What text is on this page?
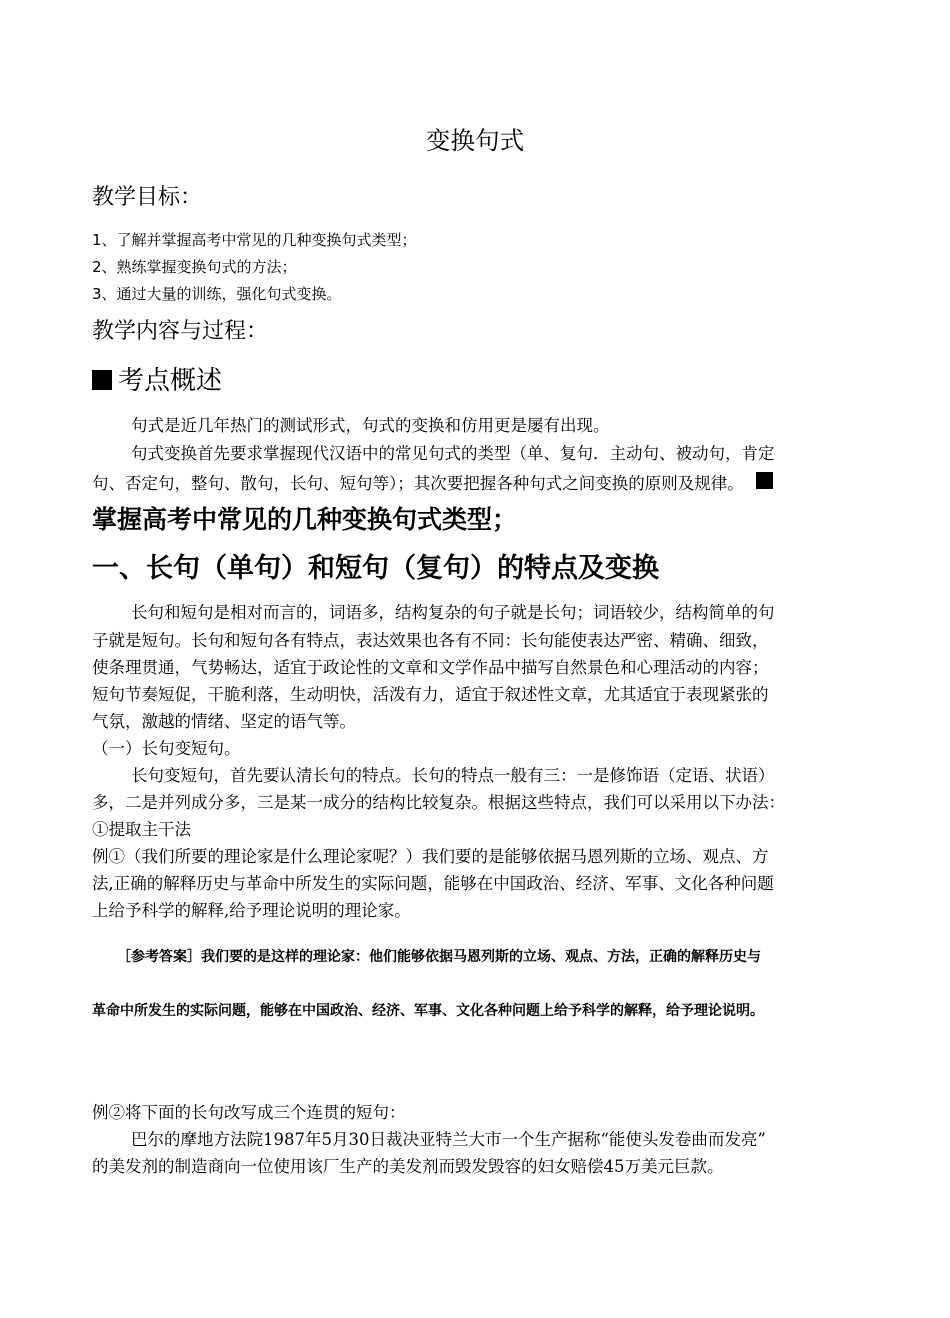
变换句式
教学目标：
1、了解并掌握高考中常见的几种变换句式类型；
2、熟练掌握变换句式的方法；
3、通过大量的训练，强化句式变换。
教学内容与过程：
考点概述
句式是近几年热门的测试形式，句式的变换和仿用更是屡有出现。
句式变换首先要求掌握现代汉语中的常见句式的类型（单、复句．主动句、被动句，肯定
句、否定句，整句、散句，长句、短句等）；其次要把握各种句式之间变换的原则及规律。
掌握高考中常见的几种变换句式类型；
一、长句（单句）和短句（复句）的特点及变换
长句和短句是相对而言的，词语多，结构复杂的句子就是长句；词语较少，结构简单的句
子就是短句。长句和短句各有特点，表达效果也各有不同：长句能使表达严密、精确、细致，
使条理贯通，气势畅达，适宜于政论性的文章和文学作品中描写自然景色和心理活动的内容；
短句节奏短促，干脆利落，生动明快，活泼有力，适宜于叙述性文章，尤其适宜于表现紧张的
气氛，激越的情绪、坚定的语气等。
（一）长句变短句。
长句变短句，首先要认清长句的特点。长句的特点一般有三：一是修饰语（定语、状语）
多，二是并列成分多，三是某一成分的结构比较复杂。根据这些特点，我们可以采用以下办法：
①提取主干法
例①（我们所要的理论家是什么理论家呢？）我们要的是能够依据马恩列斯的立场、观点、方
法,正确的解释历史与革命中所发生的实际问题，能够在中国政治、经济、军事、文化各种问题
上给予科学的解释,给予理论说明的理论家。
［参考答案］我们要的是这样的理论家：他们能够依据马恩列斯的立场、观点、方法，正确的解释历史与
革命中所发生的实际问题，能够在中国政治、经济、军事、文化各种问题上给予科学的解释，给予理论说明。
例②将下面的长句改写成三个连贯的短句：
巴尔的摩地方法院1987年5月30日裁决亚特兰大市一个生产据称“能使头发卷曲而发亮”
的美发剂的制造商向一位使用该厂生产的美发剂而毁发毁容的妇女赔偿45万美元巨款。
